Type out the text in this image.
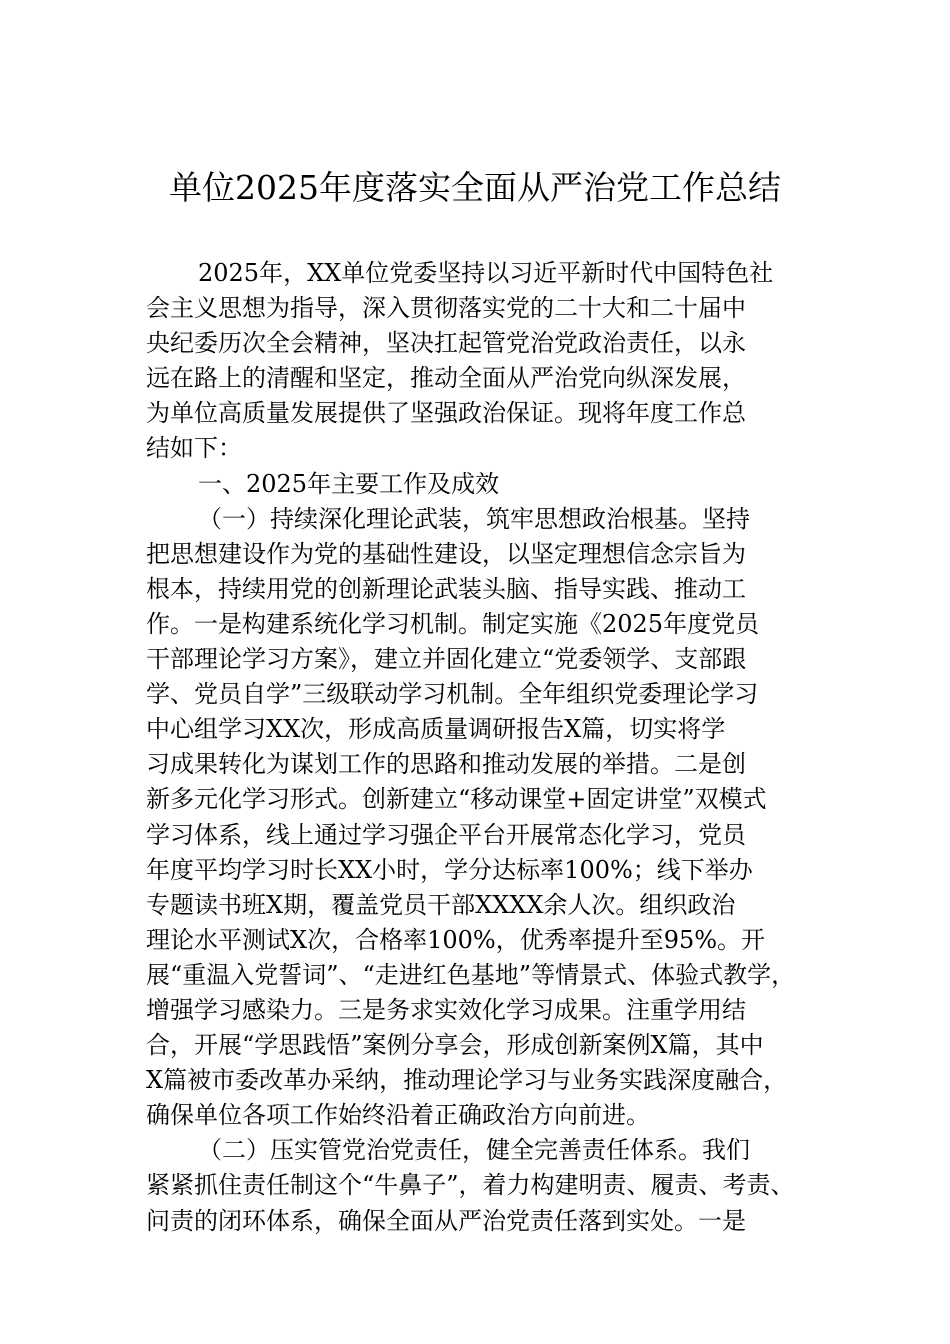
单位2025年度落实全面从严治党工作总结
2025年，XX单位党委坚持以习近平新时代中国特色社
会主义思想为指导，深入贯彻落实党的二十大和二十届中
央纪委历次全会精神，坚决扛起管党治党政治责任，以永
远在路上的清醒和坚定，推动全面从严治党向纵深发展，
为单位高质量发展提供了坚强政治保证。现将年度工作总
结如下：
一、2025年主要工作及成效
（一）持续深化理论武装，筑牢思想政治根基。坚持
把思想建设作为党的基础性建设，以坚定理想信念宗旨为
根本，持续用党的创新理论武装头脑、指导实践、推动工
作。一是构建系统化学习机制。制定实施《2025年度党员
干部理论学习方案》，建立并固化建立“党委领学、支部跟
学、党员自学”三级联动学习机制。全年组织党委理论学习
中心组学习XX次，形成高质量调研报告X篇，切实将学
习成果转化为谋划工作的思路和推动发展的举措。二是创
新多元化学习形式。创新建立“移动课堂+固定讲堂”双模式
学习体系，线上通过学习强企平台开展常态化学习，党员
年度平均学习时长XX小时，学分达标率100%；线下举办
专题读书班X期，覆盖党员干部XXXX余人次。组织政治
理论水平测试X次，合格率100%，优秀率提升至95%。开
展“重温入党誓词”、“走进红色基地”等情景式、体验式教学，
增强学习感染力。三是务求实效化学习成果。注重学用结
合，开展“学思践悟”案例分享会，形成创新案例X篇，其中
X篇被市委改革办采纳，推动理论学习与业务实践深度融合，
确保单位各项工作始终沿着正确政治方向前进。
（二）压实管党治党责任，健全完善责任体系。我们
紧紧抓住责任制这个“牛鼻子”，着力构建明责、履责、考责、
问责的闭环体系，确保全面从严治党责任落到实处。一是
